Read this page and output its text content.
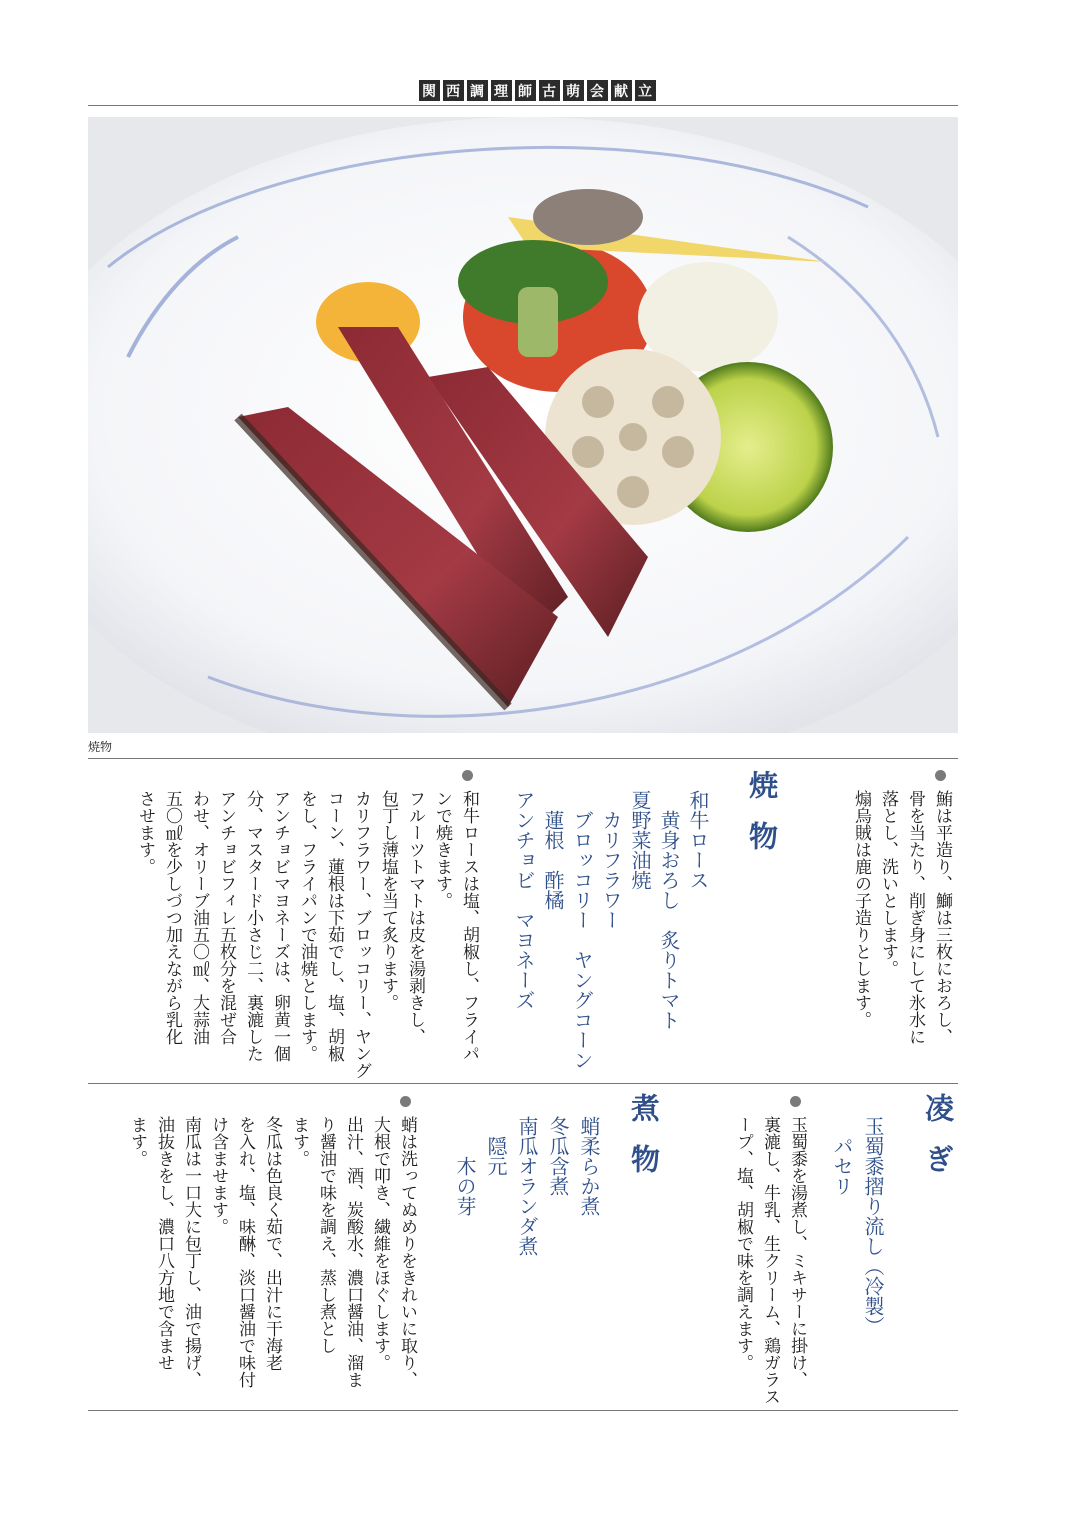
関 西 調 理 師 古 萌 会 献 立
焼物
鮪は平造り、鰤は三枚におろし、
骨を当たり、削ぎ身にして氷水に
落とし、洗いとします。
煽烏賊は鹿の子造りとします。
焼物
和牛ロース
　黄身おろし　炙りトマト
夏野菜油焼
　カリフラワー
　ブロッコリー　ヤングコーン
　蓮根　酢橘
アンチョビ　マヨネーズ
和牛ロースは塩、胡椒し、フライパ
ンで焼きます。
フルーツトマトは皮を湯剥きし、
包丁し薄塩を当て炙ります。
カリフラワー、ブロッコリー、ヤング
コーン、蓮根は下茹でし、塩、胡椒
をし、フライパンで油焼とします。
アンチョビマヨネーズは、卵黄一個
分、マスタード小さじ二、裏漉した
アンチョビフィレ五枚分を混ぜ合
わせ、オリーブ油五〇㎖、大蒜油
五〇㎖を少しづつ加えながら乳化
させます。
凌ぎ
玉蜀黍摺り流し（冷製）
　パセリ
玉蜀黍を湯煮し、ミキサーに掛け、
裏漉し、牛乳、生クリーム、鶏ガラス
ープ、塩、胡椒で味を調えます。
煮物
蛸柔らか煮
冬瓜含煮
南瓜オランダ煮
　隠元
　　木の芽
蛸は洗ってぬめりをきれいに取り、
大根で叩き、繊維をほぐします。
出汁、酒、炭酸水、濃口醤油、溜ま
り醤油で味を調え、蒸し煮とし
ます。
冬瓜は色良く茹で、出汁に干海老
を入れ、塩、味醂、淡口醤油で味付
け含ませます。
南瓜は一口大に包丁し、油で揚げ、
油抜きをし、濃口八方地で含ませ
ます。
